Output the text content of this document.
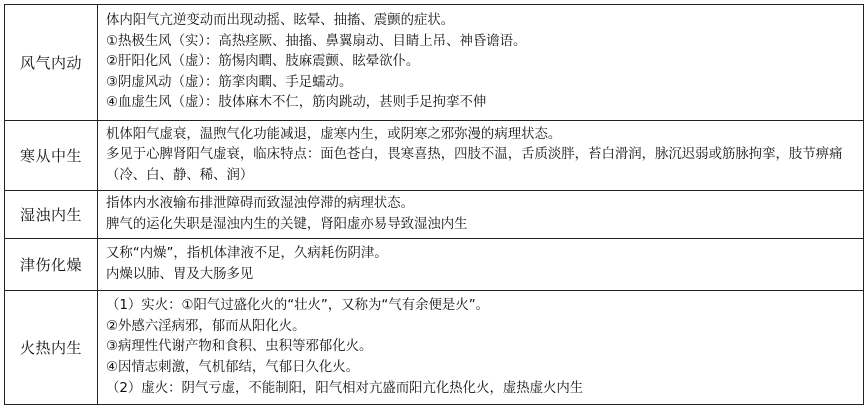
风气内动	体内阳气亢逆变动而出现动摇、眩晕、抽搐、震颤的症状。
①热极生风（实）：高热痉厥、抽搐、鼻翼扇动、目睛上吊、神昏谵语。
②肝阳化风（虚）：筋惕肉瞤、肢麻震颤、眩晕欲仆。
③阴虚风动（虚）：筋挛肉瞤、手足蠕动。
④血虚生风（虚）：肢体麻木不仁，筋肉跳动，甚则手足拘挛不伸

寒从中生	机体阳气虚衰，温煦气化功能减退，虚寒内生，或阴寒之邪弥漫的病理状态。
多见于心脾肾阳气虚衰，临床特点：面色苍白，畏寒喜热，四肢不温，舌质淡胖，苔白滑润，脉沉迟弱或筋脉拘挛，肢节痹痛（冷、白、静、稀、润）

湿浊内生	指体内水液输布排泄障碍而致湿浊停滞的病理状态。
脾气的运化失职是湿浊内生的关键，肾阳虚亦易导致湿浊内生

津伤化燥	又称“内燥”，指机体津液不足，久病耗伤阴津。
内燥以肺、胃及大肠多见

火热内生	（1）实火：①阳气过盛化火的“壮火”，又称为“气有余便是火”。
②外感六淫病邪，郁而从阳化火。
③病理性代谢产物和食积、虫积等邪郁化火。
④因情志刺激，气机郁结，气郁日久化火。
（2）虚火：阴气亏虚，不能制阳，阳气相对亢盛而阳亢化热化火，虚热虚火内生
